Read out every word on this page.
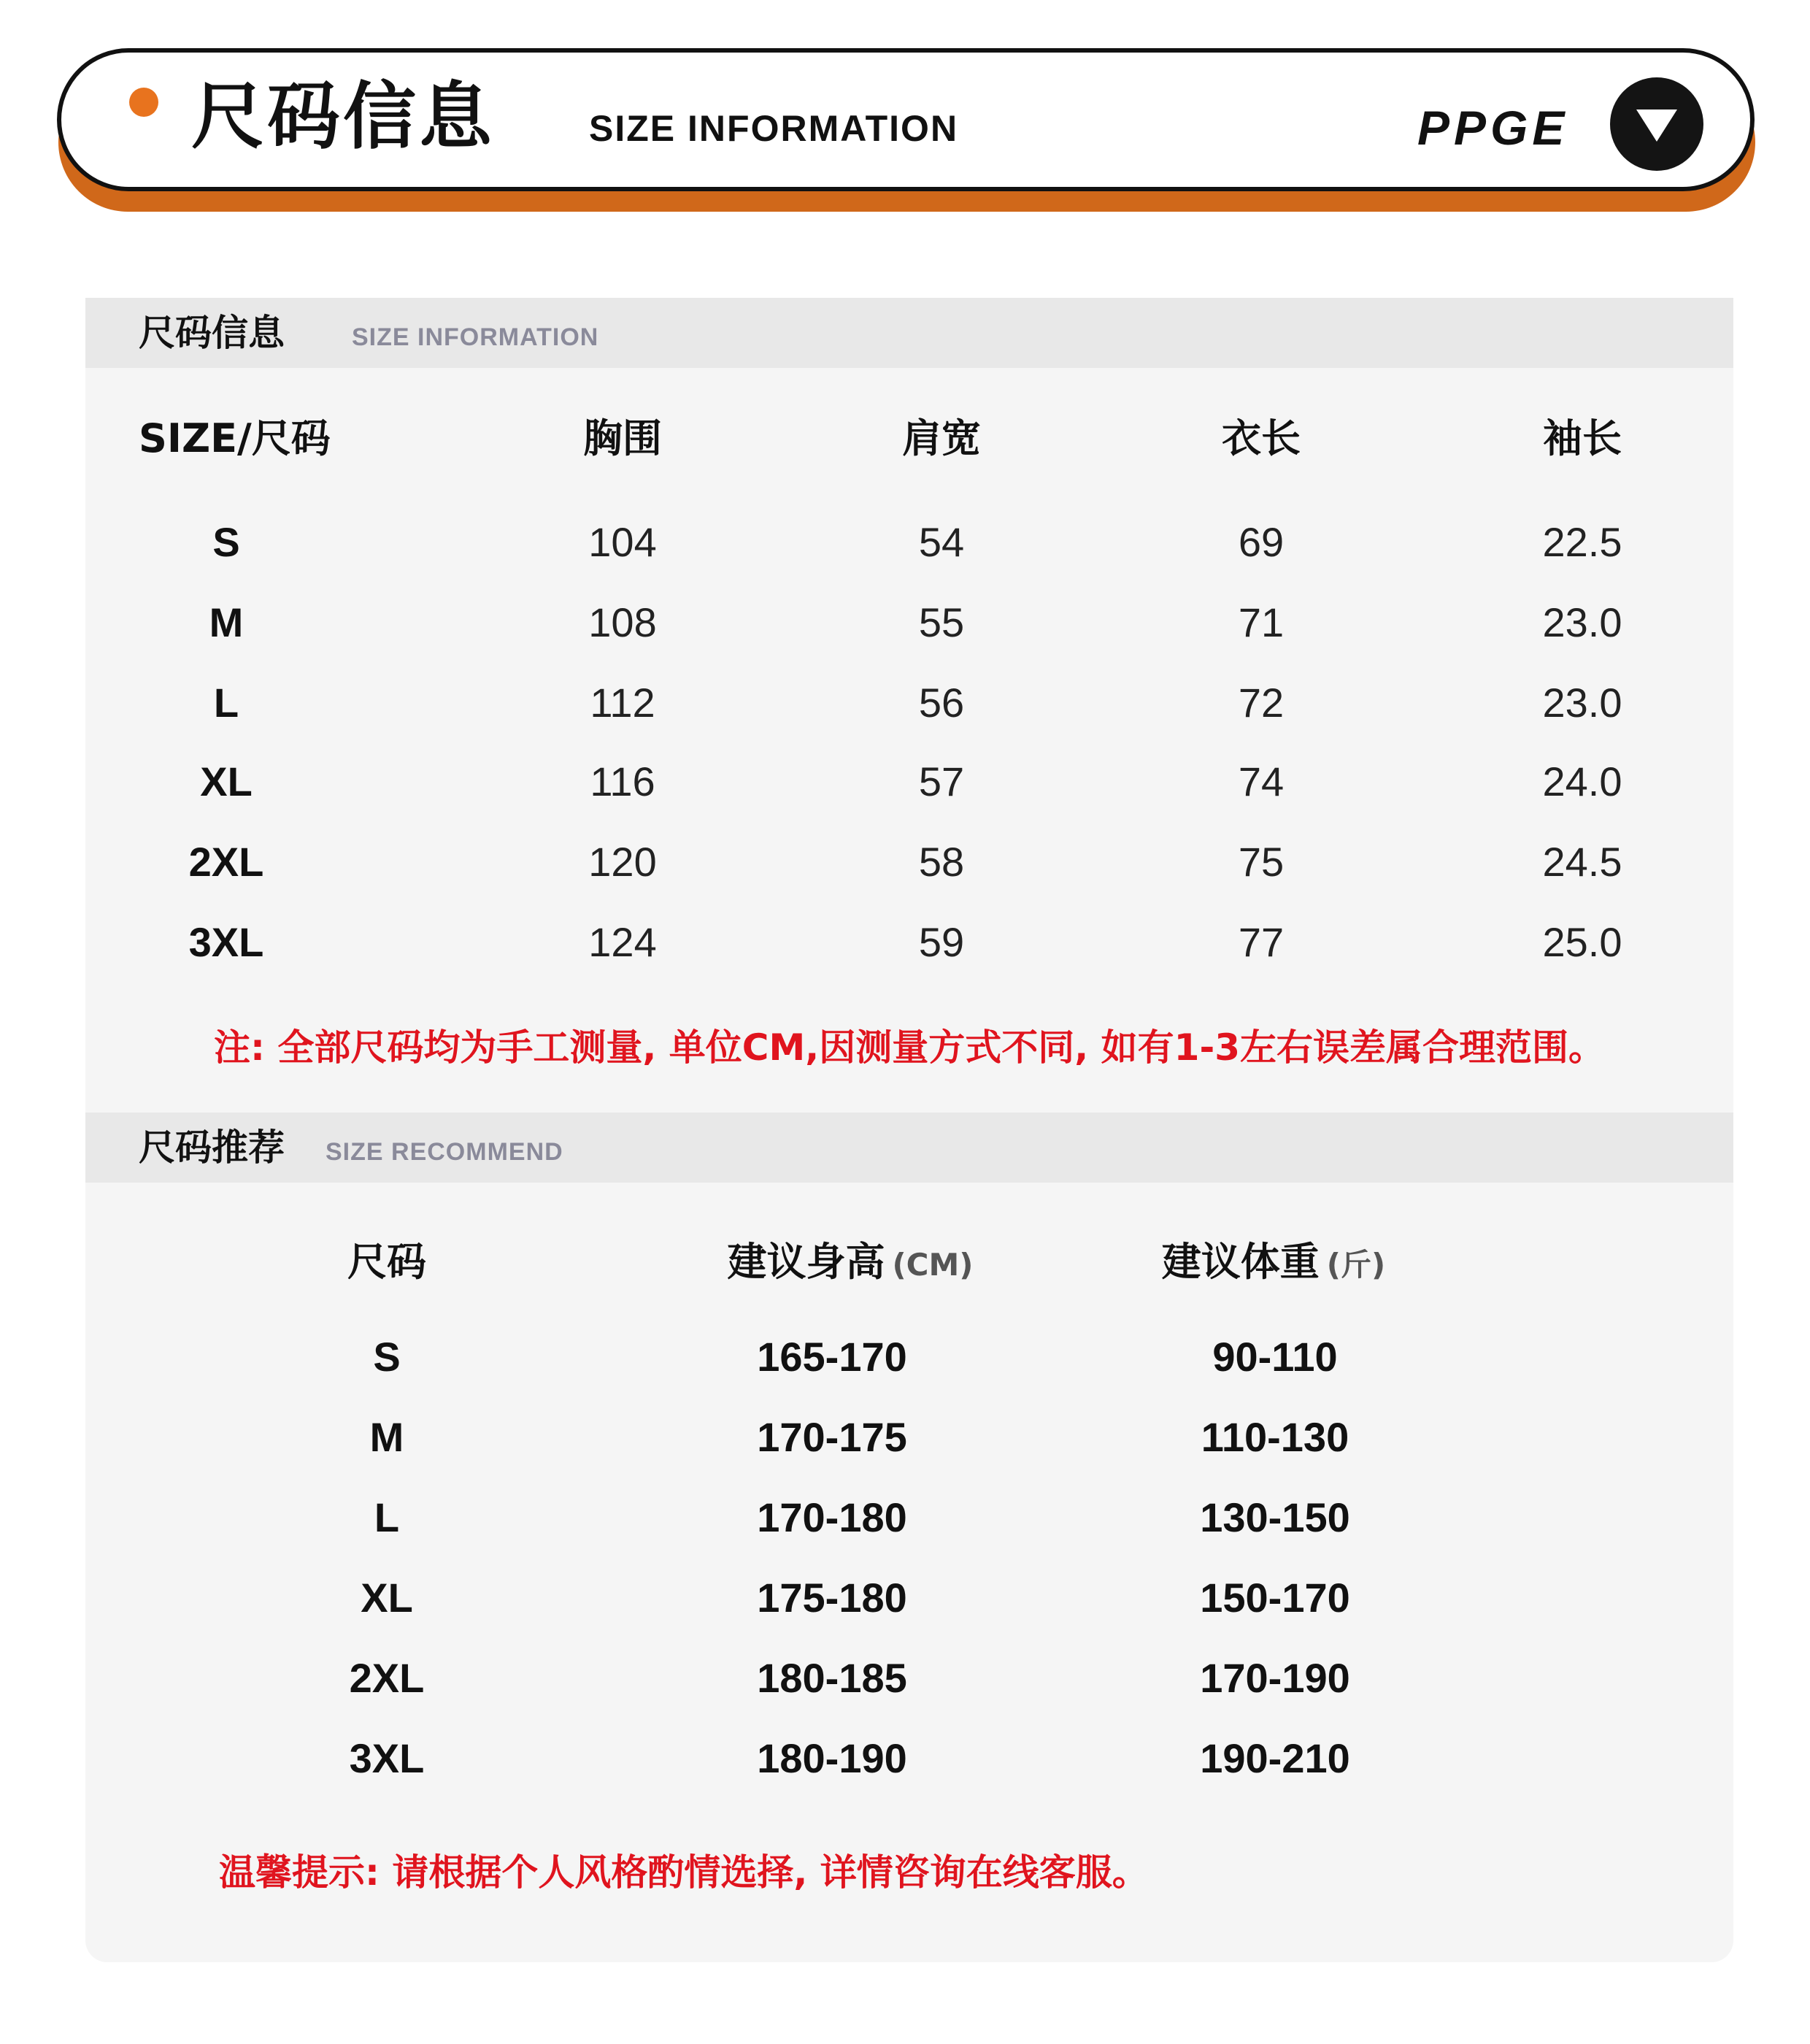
尺码信息	SIZE INFORMATION	PPGE
尺码信息	SIZE INFORMATION
SIZE/尺码	胸围	肩宽	衣长	袖长
S	104	54	69	22.5
M	108	55	71	23.0
L	112	56	72	23.0
XL	116	57	74	24.0
2XL	120	58	75	24.5
3XL	124	59	77	25.0
注: 全部尺码均为手工测量, 单位CM,因测量方式不同, 如有1-3左右误差属合理范围。
尺码推荐 SIZE RECOMMEND
尺码	建议身高 (CM)	建议体重 (斤)
S	165-170	90-110
M	170-175	110-130
L	170-180	130-150
XL	175-180	150-170
2XL	180-185	170-190
3XL	180-190	190-210
温馨提示: 请根据个人风格酌情选择, 详情咨询在线客服。
